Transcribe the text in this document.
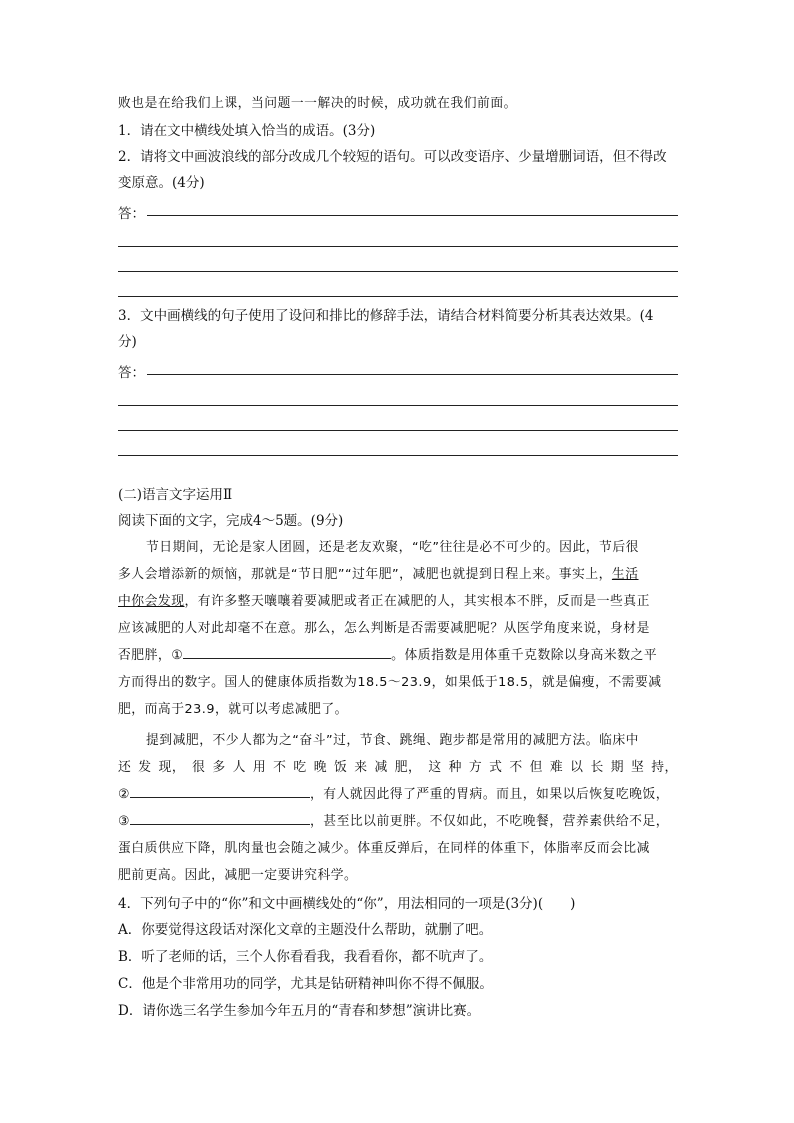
败也是在给我们上课，当问题一一解决的时候，成功就在我们前面。

1．请在文中横线处填入恰当的成语。(3分)

2．请将文中画波浪线的部分改成几个较短的语句。可以改变语序、少量增删词语，但不得改

变原意。(4分)

答：

3．文中画横线的句子使用了设问和排比的修辞手法，请结合材料简要分析其表达效果。(4

分)

答：

(二)语言文字运用Ⅱ

阅读下面的文字，完成4～5题。(9分)

节日期间，无论是家人团圆，还是老友欢聚，“吃”往往是必不可少的。因此，节后很

多人会增添新的烦恼，那就是“节日肥”“过年肥”，减肥也就提到日程上来。事实上，生活

中你会发现，有许多整天嚷嚷着要减肥或者正在减肥的人，其实根本不胖，反而是一些真正

应该减肥的人对此却毫不在意。那么，怎么判断是否需要减肥呢？从医学角度来说，身材是

否肥胖，①	。体质指数是用体重千克数除以身高米数之平

方而得出的数字。国人的健康体质指数为18.5～23.9，如果低于18.5，就是偏瘦，不需要减

肥，而高于23.9，就可以考虑减肥了。

提到减肥，不少人都为之“奋斗”过，节食、跳绳、跑步都是常用的减肥方法。临床中

还 发 现， 很 多 人 用 不 吃 晚 饭 来 减 肥， 这 种 方 式 不 但 难 以 长 期 坚 持，

②	，有人就因此得了严重的胃病。而且，如果以后恢复吃晚饭，

③	，甚至比以前更胖。不仅如此，不吃晚餐，营养素供给不足，

蛋白质供应下降，肌肉量也会随之减少。体重反弹后，在同样的体重下，体脂率反而会比减

肥前更高。因此，减肥一定要讲究科学。

4．下列句子中的“你”和文中画横线处的“你”，用法相同的一项是(3分)(　　)

A．你要觉得这段话对深化文章的主题没什么帮助，就删了吧。

B．听了老师的话，三个人你看看我，我看看你，都不吭声了。

C．他是个非常用功的同学，尤其是钻研精神叫你不得不佩服。

D．请你选三名学生参加今年五月的“青春和梦想”演讲比赛。
